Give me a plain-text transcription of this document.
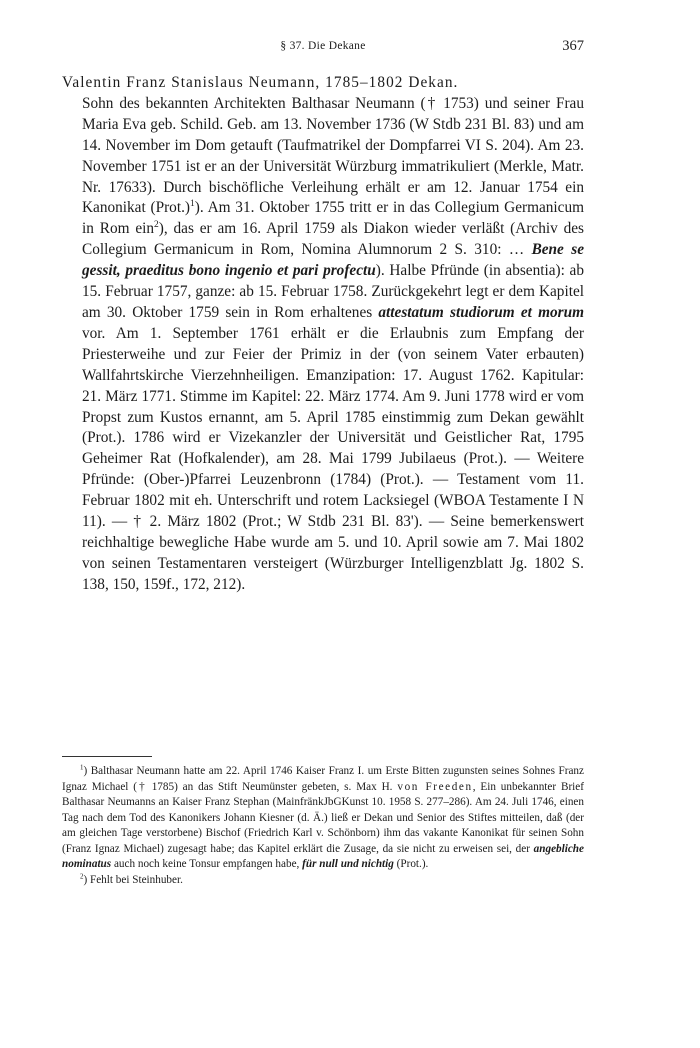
§ 37. Die Dekane	367
Valentin Franz Stanislaus Neumann, 1785–1802 Dekan.
Sohn des bekannten Architekten Balthasar Neumann († 1753) und seiner Frau Maria Eva geb. Schild. Geb. am 13. November 1736 (W Stdb 231 Bl. 83) und am 14. November im Dom getauft (Taufmatrikel der Dompfarrei VI S. 204). Am 23. November 1751 ist er an der Universität Würzburg immatrikuliert (Merkle, Matr. Nr. 17633). Durch bischöfliche Verleihung erhält er am 12. Januar 1754 ein Kanonikat (Prot.)$^1$). Am 31. Oktober 1755 tritt er in das Collegium Germanicum in Rom ein$^2$), das er am 16. April 1759 als Diakon wieder verläßt (Archiv des Collegium Germanicum in Rom, Nomina Alumnorum 2 S. 310: … Bene se gessit, praeditus bono ingenio et pari profectu). Halbe Pfründe (in absentia): ab 15. Februar 1757, ganze: ab 15. Februar 1758. Zurückgekehrt legt er dem Kapitel am 30. Oktober 1759 sein in Rom erhaltenes attestatum studiorum et morum vor. Am 1. September 1761 erhält er die Erlaubnis zum Empfang der Priesterweihe und zur Feier der Primiz in der (von seinem Vater erbauten) Wallfahrtskirche Vierzehnheiligen. Emanzipation: 17. August 1762. Kapitular: 21. März 1771. Stimme im Kapitel: 22. März 1774. Am 9. Juni 1778 wird er vom Propst zum Kustos ernannt, am 5. April 1785 einstimmig zum Dekan gewählt (Prot.). 1786 wird er Vizekanzler der Universität und Geistlicher Rat, 1795 Geheimer Rat (Hofkalender), am 28. Mai 1799 Jubilaeus (Prot.). — Weitere Pfründe: (Ober-)Pfarrei Leuzenbronn (1784) (Prot.). — Testament vom 11. Februar 1802 mit eh. Unterschrift und rotem Lacksiegel (WBOA Testamente I N 11). — † 2. März 1802 (Prot.; W Stdb 231 Bl. 83'). — Seine bemerkenswert reichhaltige bewegliche Habe wurde am 5. und 10. April sowie am 7. Mai 1802 von seinen Testamentaren versteigert (Würzburger Intelligenzblatt Jg. 1802 S. 138, 150, 159f., 172, 212).
$^1$) Balthasar Neumann hatte am 22. April 1746 Kaiser Franz I. um Erste Bitten zugunsten seines Sohnes Franz Ignaz Michael († 1785) an das Stift Neumünster gebeten, s. Max H. von Freeden, Ein unbekannter Brief Balthasar Neumanns an Kaiser Franz Stephan (MainfränkJbGKunst 10. 1958 S. 277–286). Am 24. Juli 1746, einen Tag nach dem Tod des Kanonikers Johann Kiesner (d. Ä.) ließ er Dekan und Senior des Stiftes mitteilen, daß (der am gleichen Tage verstorbene) Bischof (Friedrich Karl v. Schönborn) ihm das vakante Kanonikat für seinen Sohn (Franz Ignaz Michael) zugesagt habe; das Kapitel erklärt die Zusage, da sie nicht zu erweisen sei, der angebliche nominatus auch noch keine Tonsur empfangen habe, für null und nichtig (Prot.).
$^2$) Fehlt bei Steinhuber.
